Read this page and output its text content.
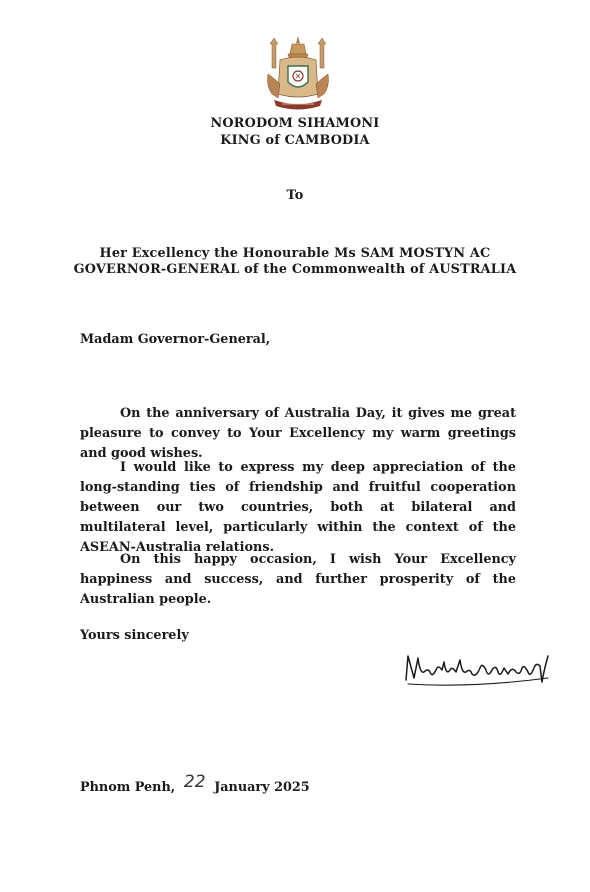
NORODOM SIHAMONI
KING of CAMBODIA
To
Her Excellency the Honourable Ms SAM MOSTYN AC
GOVERNOR-GENERAL of the Commonwealth of AUSTRALIA
Madam Governor-General,

On the anniversary of Australia Day, it gives me great pleasure to convey to Your Excellency my warm greetings and good wishes.

I would like to express my deep appreciation of the long-standing ties of friendship and fruitful cooperation between our two countries, both at bilateral and multilateral level, particularly within the context of the ASEAN-Australia relations.

On this happy occasion, I wish Your Excellency happiness and success, and further prosperity of the Australian people.

Yours sincerely
Phnom Penh, 22 January 2025
